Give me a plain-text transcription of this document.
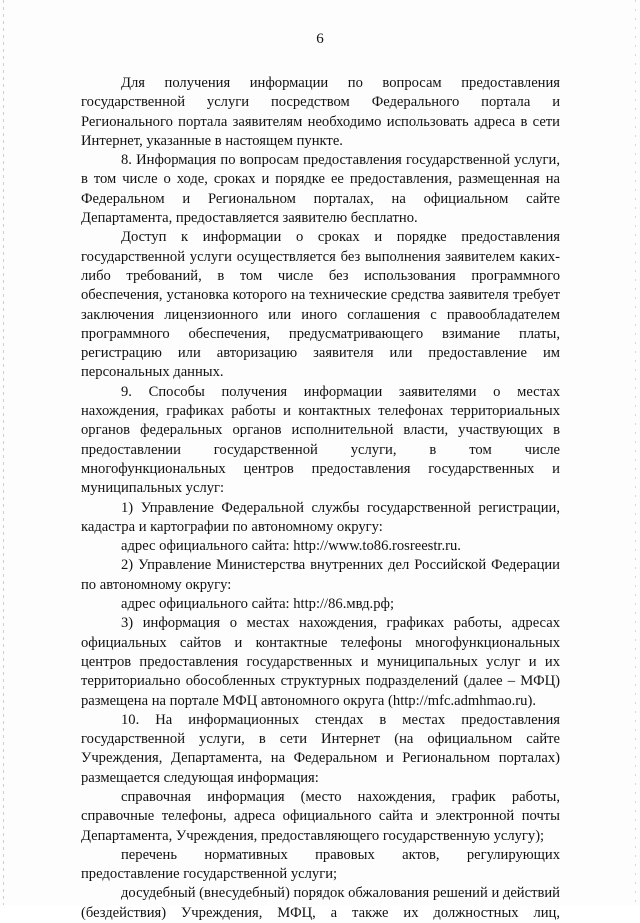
6

Для получения информации по вопросам предоставления государственной услуги посредством Федерального портала и Регионального портала заявителям необходимо использовать адреса в сети Интернет, указанные в настоящем пункте.

8. Информация по вопросам предоставления государственной услуги, в том числе о ходе, сроках и порядке ее предоставления, размещенная на Федеральном и Региональном порталах, на официальном сайте Департамента, предоставляется заявителю бесплатно.

Доступ к информации о сроках и порядке предоставления государственной услуги осуществляется без выполнения заявителем каких-либо требований, в том числе без использования программного обеспечения, установка которого на технические средства заявителя требует заключения лицензионного или иного соглашения с правообладателем программного обеспечения, предусматривающего взимание платы, регистрацию или авторизацию заявителя или предоставление им персональных данных.

9. Способы получения информации заявителями о местах нахождения, графиках работы и контактных телефонах территориальных органов федеральных органов исполнительной власти, участвующих в предоставлении государственной услуги, в том числе многофункциональных центров предоставления государственных и муниципальных услуг:

1) Управление Федеральной службы государственной регистрации, кадастра и картографии по автономному округу:

адрес официального сайта: http://www.to86.rosreestr.ru.

2) Управление Министерства внутренних дел Российской Федерации по автономному округу:

адрес официального сайта: http://86.мвд.рф;

3) информация о местах нахождения, графиках работы, адресах официальных сайтов и контактные телефоны многофункциональных центров предоставления государственных и муниципальных услуг и их территориально обособленных структурных подразделений (далее – МФЦ) размещена на портале МФЦ автономного округа (http://mfc.admhmao.ru).

10. На информационных стендах в местах предоставления государственной услуги, в сети Интернет (на официальном сайте Учреждения, Департамента, на Федеральном и Региональном порталах) размещается следующая информация:

справочная информация (место нахождения, график работы, справочные телефоны, адреса официального сайта и электронной почты Департамента, Учреждения, предоставляющего государственную услугу);

перечень нормативных правовых актов, регулирующих предоставление государственной услуги;

досудебный (внесудебный) порядок обжалования решений и действий (бездействия) Учреждения, МФЦ, а также их должностных лиц,
